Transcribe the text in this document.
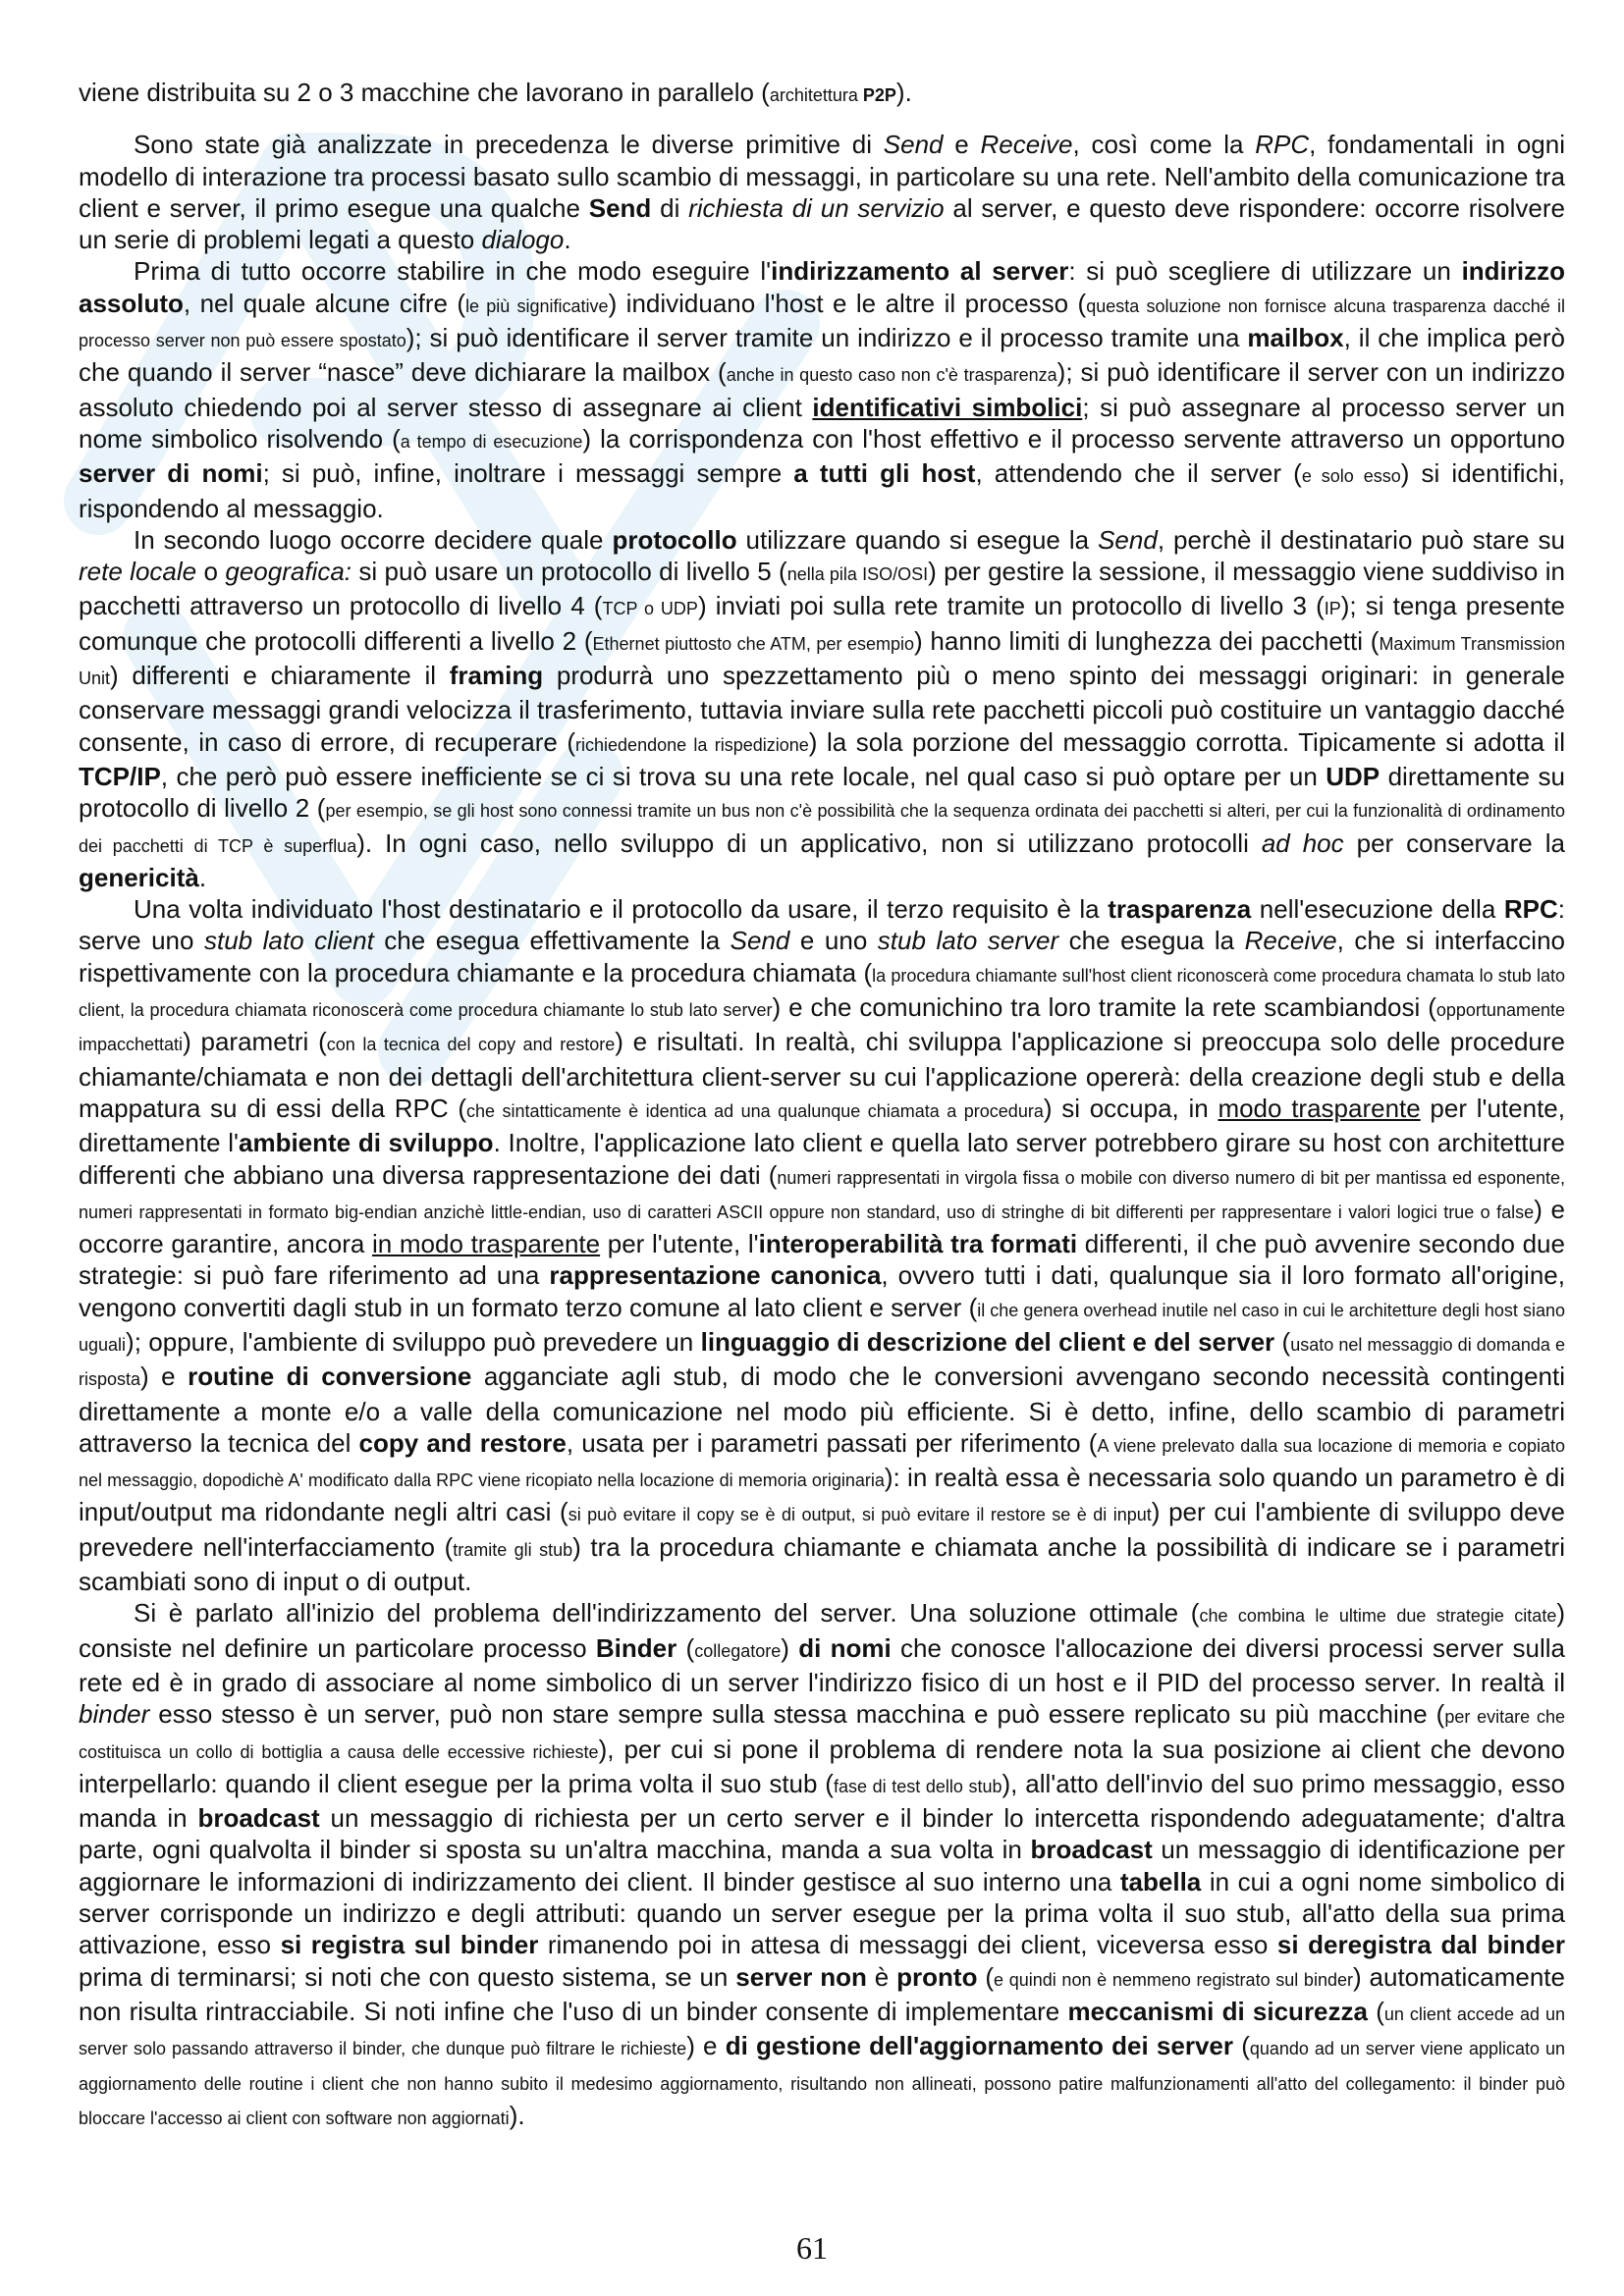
viene distribuita su 2 o 3 macchine che lavorano in parallelo (architettura P2P).

Sono state già analizzate in precedenza le diverse primitive di Send e Receive, così come la RPC, fondamentali in ogni modello di interazione tra processi basato sullo scambio di messaggi, in particolare su una rete. Nell'ambito della comunicazione tra client e server, il primo esegue una qualche Send di richiesta di un servizio al server, e questo deve rispondere: occorre risolvere un serie di problemi legati a questo dialogo.

Prima di tutto occorre stabilire in che modo eseguire l'indirizzamento al server: si può scegliere di utilizzare un indirizzo assoluto, nel quale alcune cifre (le più significative) individuano l'host e le altre il processo (questa soluzione non fornisce alcuna trasparenza dacché il processo server non può essere spostato); si può identificare il server tramite un indirizzo e il processo tramite una mailbox, il che implica però che quando il server “nasce” deve dichiarare la mailbox (anche in questo caso non c'è trasparenza); si può identificare il server con un indirizzo assoluto chiedendo poi al server stesso di assegnare ai client identificativi simbolici; si può assegnare al processo server un nome simbolico risolvendo (a tempo di esecuzione) la corrispondenza con l'host effettivo e il processo servente attraverso un opportuno server di nomi; si può, infine, inoltrare i messaggi sempre a tutti gli host, attendendo che il server (e solo esso) si identifichi, rispondendo al messaggio.

In secondo luogo occorre decidere quale protocollo utilizzare quando si esegue la Send, perchè il destinatario può stare su rete locale o geografica: si può usare un protocollo di livello 5 (nella pila ISO/OSI) per gestire la sessione, il messaggio viene suddiviso in pacchetti attraverso un protocollo di livello 4 (TCP o UDP) inviati poi sulla rete tramite un protocollo di livello 3 (IP); si tenga presente comunque che protocolli differenti a livello 2 (Ethernet piuttosto che ATM, per esempio) hanno limiti di lunghezza dei pacchetti (Maximum Transmission Unit) differenti e chiaramente il framing produrrà uno spezzettamento più o meno spinto dei messaggi originari: in generale conservare messaggi grandi velocizza il trasferimento, tuttavia inviare sulla rete pacchetti piccoli può costituire un vantaggio dacché consente, in caso di errore, di recuperare (richiedendone la rispedizione) la sola porzione del messaggio corrotta. Tipicamente si adotta il TCP/IP, che però può essere inefficiente se ci si trova su una rete locale, nel qual caso si può optare per un UDP direttamente su protocollo di livello 2 (per esempio, se gli host sono connessi tramite un bus non c'è possibilità che la sequenza ordinata dei pacchetti si alteri, per cui la funzionalità di ordinamento dei pacchetti di TCP è superflua). In ogni caso, nello sviluppo di un applicativo, non si utilizzano protocolli ad hoc per conservare la genericità.

Una volta individuato l'host destinatario e il protocollo da usare, il terzo requisito è la trasparenza nell'esecuzione della RPC: serve uno stub lato client che esegua effettivamente la Send e uno stub lato server che esegua la Receive, che si interfaccino rispettivamente con la procedura chiamante e la procedura chiamata (la procedura chiamante sull'host client riconoscerà come procedura chamata lo stub lato client, la procedura chiamata riconoscerà come procedura chiamante lo stub lato server) e che comunichino tra loro tramite la rete scambiandosi (opportunamente impacchettati) parametri (con la tecnica del copy and restore) e risultati. In realtà, chi sviluppa l'applicazione si preoccupa solo delle procedure chiamante/chiamata e non dei dettagli dell'architettura client-server su cui l'applicazione opererà: della creazione degli stub e della mappatura su di essi della RPC (che sintatticamente è identica ad una qualunque chiamata a procedura) si occupa, in modo trasparente per l'utente, direttamente l'ambiente di sviluppo. Inoltre, l'applicazione lato client e quella lato server potrebbero girare su host con architetture differenti che abbiano una diversa rappresentazione dei dati (numeri rappresentati in virgola fissa o mobile con diverso numero di bit per mantissa ed esponente, numeri rappresentati in formato big-endian anzichè little-endian, uso di caratteri ASCII oppure non standard, uso di stringhe di bit differenti per rappresentare i valori logici true o false) e occorre garantire, ancora in modo trasparente per l'utente, l'interoperabilità tra formati differenti, il che può avvenire secondo due strategie: si può fare riferimento ad una rappresentazione canonica, ovvero tutti i dati, qualunque sia il loro formato all'origine, vengono convertiti dagli stub in un formato terzo comune al lato client e server (il che genera overhead inutile nel caso in cui le architetture degli host siano uguali); oppure, l'ambiente di sviluppo può prevedere un linguaggio di descrizione del client e del server (usato nel messaggio di domanda e risposta) e routine di conversione agganciate agli stub, di modo che le conversioni avvengano secondo necessità contingenti direttamente a monte e/o a valle della comunicazione nel modo più efficiente. Si è detto, infine, dello scambio di parametri attraverso la tecnica del copy and restore, usata per i parametri passati per riferimento (A viene prelevato dalla sua locazione di memoria e copiato nel messaggio, dopodichè A' modificato dalla RPC viene ricopiato nella locazione di memoria originaria): in realtà essa è necessaria solo quando un parametro è di input/output ma ridondante negli altri casi (si può evitare il copy se è di output, si può evitare il restore se è di input) per cui l'ambiente di sviluppo deve prevedere nell'interfacciamento (tramite gli stub) tra la procedura chiamante e chiamata anche la possibilità di indicare se i parametri scambiati sono di input o di output.

Si è parlato all'inizio del problema dell'indirizzamento del server. Una soluzione ottimale (che combina le ultime due strategie citate) consiste nel definire un particolare processo Binder (collegatore) di nomi che conosce l'allocazione dei diversi processi server sulla rete ed è in grado di associare al nome simbolico di un server l'indirizzo fisico di un host e il PID del processo server. In realtà il binder esso stesso è un server, può non stare sempre sulla stessa macchina e può essere replicato su più macchine (per evitare che costituisca un collo di bottiglia a causa delle eccessive richieste), per cui si pone il problema di rendere nota la sua posizione ai client che devono interpellarlo: quando il client esegue per la prima volta il suo stub (fase di test dello stub), all'atto dell'invio del suo primo messaggio, esso manda in broadcast un messaggio di richiesta per un certo server e il binder lo intercetta rispondendo adeguatamente; d'altra parte, ogni qualvolta il binder si sposta su un'altra macchina, manda a sua volta in broadcast un messaggio di identificazione per aggiornare le informazioni di indirizzamento dei client. Il binder gestisce al suo interno una tabella in cui a ogni nome simbolico di server corrisponde un indirizzo e degli attributi: quando un server esegue per la prima volta il suo stub, all'atto della sua prima attivazione, esso si registra sul binder rimanendo poi in attesa di messaggi dei client, viceversa esso si deregistra dal binder prima di terminarsi; si noti che con questo sistema, se un server non è pronto (e quindi non è nemmeno registrato sul binder) automaticamente non risulta rintracciabile. Si noti infine che l'uso di un binder consente di implementare meccanismi di sicurezza (un client accede ad un server solo passando attraverso il binder, che dunque può filtrare le richieste) e di gestione dell'aggiornamento dei server (quando ad un server viene applicato un aggiornamento delle routine i client che non hanno subito il medesimo aggiornamento, risultando non allineati, possono patire malfunzionamenti all'atto del collegamento: il binder può bloccare l'accesso ai client con software non aggiornati).

61
